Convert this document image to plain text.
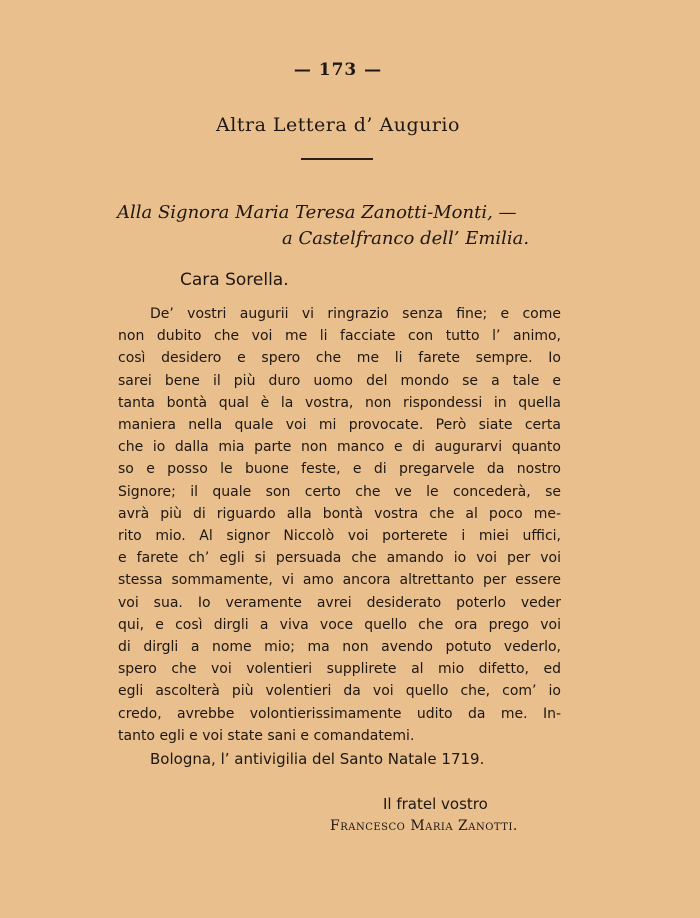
— 173 —
Altra Lettera d’ Augurio
Alla Signora Maria Teresa Zanotti-Monti, —
a Castelfranco dell’ Emilia.
Cara Sorella.
De’ vostri augurii vi ringrazio senza fine; e come
non dubito che voi me li facciate con tutto l’ animo,
così desidero e spero che me li farete sempre. Io
sarei bene il più duro uomo del mondo se a tale e
tanta bontà qual è la vostra, non rispondessi in quella
maniera nella quale voi mi provocate. Però siate certa
che io dalla mia parte non manco e di augurarvi quanto
so e posso le buone feste, e di pregarvele da nostro
Signore; il quale son certo che ve le concederà, se
avrà più di riguardo alla bontà vostra che al poco me-
rito mio. Al signor Niccolò voi porterete i miei uffici,
e farete ch’ egli si persuada che amando io voi per voi
stessa sommamente, vi amo ancora altrettanto per essere
voi sua. Io veramente avrei desiderato poterlo veder
qui, e così dirgli a viva voce quello che ora prego voi
di dirgli a nome mio; ma non avendo potuto vederlo,
spero che voi volentieri supplirete al mio difetto, ed
egli ascolterà più volentieri da voi quello che, com’ io
credo, avrebbe volontierissimamente udito da me. In-
tanto egli e voi state sani e comandatemi.
Bologna, l’ antivigilia del Santo Natale 1719.
Il fratel vostro
Francesco Maria Zanotti.
